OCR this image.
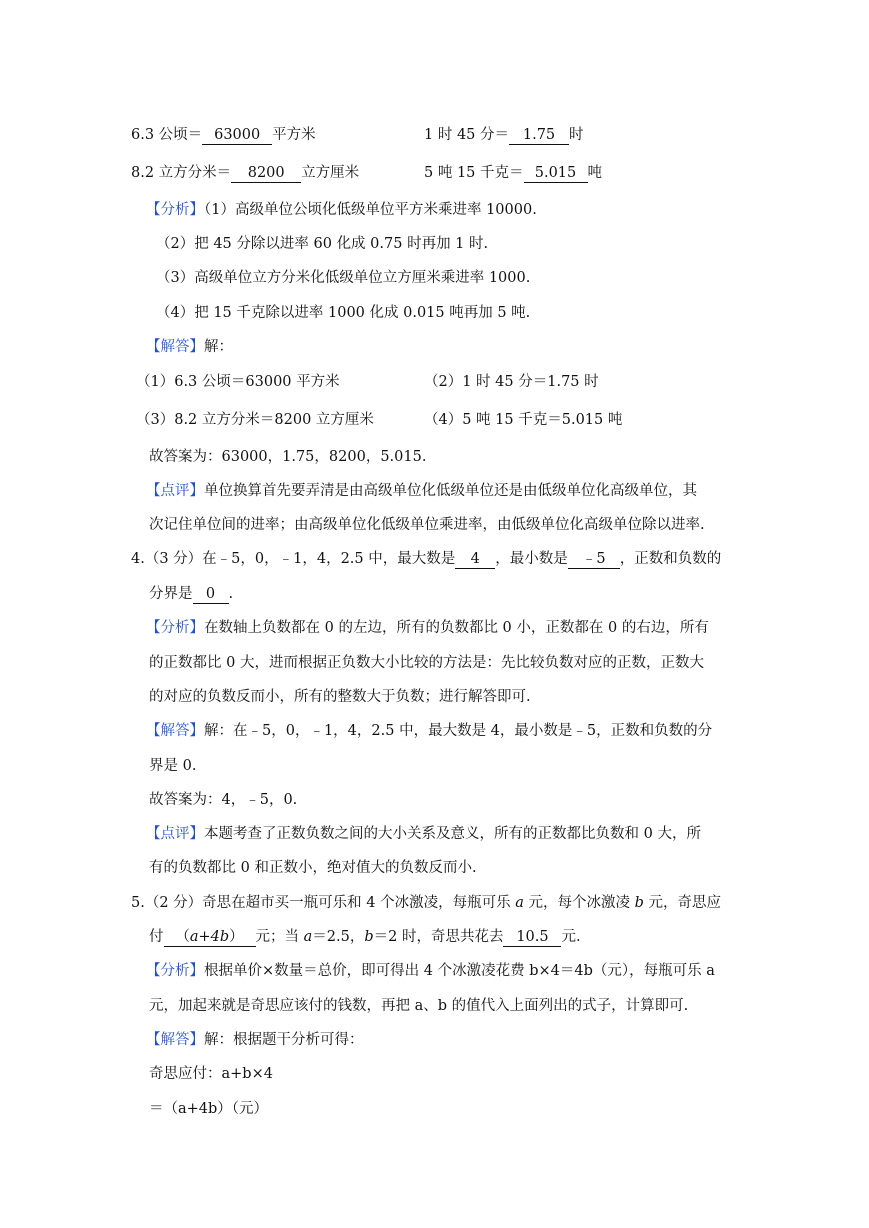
6.3 公顷＝ 63000 平方米	1 时 45 分＝ 1.75 时
8.2 立方分米＝ 8200 立方厘米	5 吨 15 千克＝ 5.015 吨
【分析】（1）高级单位公顷化低级单位平方米乘进率 10000.
（2）把 45 分除以进率 60 化成 0.75 时再加 1 时.
（3）高级单位立方分米化低级单位立方厘米乘进率 1000.
（4）把 15 千克除以进率 1000 化成 0.015 吨再加 5 吨.
【解答】解：
（1）6.3 公顷＝63000 平方米	（2）1 时 45 分＝1.75 时
（3）8.2 立方分米＝8200 立方厘米	（4）5 吨 15 千克＝5.015 吨
故答案为：63000，1.75，8200，5.015.
【点评】单位换算首先要弄清是由高级单位化低级单位还是由低级单位化高级单位，其
次记住单位间的进率；由高级单位化低级单位乘进率，由低级单位化高级单位除以进率.
4.（3 分）在﹣5，0，﹣1，4，2.5 中，最大数是 4 ，最小数是 ﹣5 ，正数和负数的
分界是 0 .
【分析】在数轴上负数都在 0 的左边，所有的负数都比 0 小，正数都在 0 的右边，所有
的正数都比 0 大，进而根据正负数大小比较的方法是：先比较负数对应的正数，正数大
的对应的负数反而小，所有的整数大于负数；进行解答即可.
【解答】解：在﹣5，0，﹣1，4，2.5 中，最大数是 4，最小数是﹣5，正数和负数的分
界是 0.
故答案为：4，﹣5，0.
【点评】本题考查了正数负数之间的大小关系及意义，所有的正数都比负数和 0 大，所
有的负数都比 0 和正数小，绝对值大的负数反而小.
5.（2 分）奇思在超市买一瓶可乐和 4 个冰激凌，每瓶可乐 a 元，每个冰激凌 b 元，奇思应
付 （a+4b） 元；当 a＝2.5，b＝2 时，奇思共花去 10.5 元.
【分析】根据单价×数量＝总价，即可得出 4 个冰激凌花费 b×4＝4b（元），每瓶可乐 a
元，加起来就是奇思应该付的钱数，再把 a、b 的值代入上面列出的式子，计算即可.
【解答】解：根据题干分析可得：
奇思应付：a+b×4
＝（a+4b）（元）
